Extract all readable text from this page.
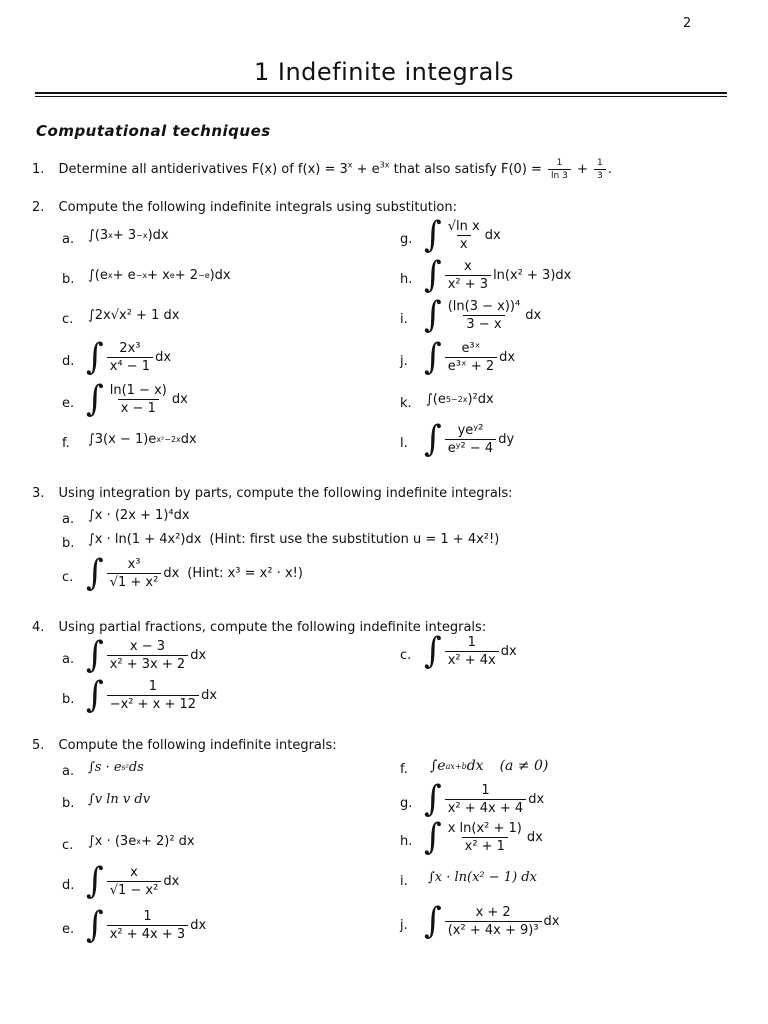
2
1 Indefinite integrals
Computational techniques
1. Determine all antiderivatives F(x) of $f(x) = 3^x + e^{3x}$ that also satisfy $F(0) = \frac{1}{\ln 3} + \frac{1}{3}$ .
2. Compute the following indefinite integrals using substitution:
a. ∫(3 x + 3 −x )dx
b. ∫(e x + e −x + x e + 2 −e )dx
c. ∫2x√x² + 1 dx
d. ∫ $\frac{\text{2x³}}{\text{x⁴ − 1}}$ dx
e. ∫ $\frac{\ln(1 - x)}{x - 1}$ dx
f. ∫3(x − 1)e x²−2x dx
g. ∫ $\frac{\text{√ln x}}{x}$ dx
h. ∫ $\frac{x}{\text{x² + 3}} \ln(x^2 + 3)dx$
i. ∫ $\frac{\text{(ln(3 − x))⁴}}{3 - x}$ dx
j. ∫ $\frac{\text{e³ˣ}}{\text{e³ˣ + 2}}$ dx
k. ∫(e 5−2x )²dx
l. ∫ $\frac{\text{yeʸ²}}{\text{eʸ² − 4}}$ dy
3. Using integration by parts, compute the following indefinite integrals:
a. ∫x · (2x + 1)⁴dx
b. ∫x · ln(1 + 4x²)dx (Hint: first use the substitution u = 1 + 4x²!)
c. ∫ $\frac{\text{x³}}{\text{√1 + x²}}$ dx (Hint: x³ = x² · x!)
4. Using partial fractions, compute the following indefinite integrals:
a. ∫ $\frac{x - 3}{\text{x² + 3x + 2}}$ dx
b. ∫ $\frac{1}{\text{−x² + x + 12}}$ dx
c. ∫ $\frac{1}{\text{x² + 4x}}$ dx
5. Compute the following indefinite integrals:
a. ∫s · e s² ds
b. ∫v ln v dv
c. ∫x · (3e x + 2)² dx
d. ∫ $\frac{x}{\text{√1 − x²}}$ dx
e. ∫ $\frac{1}{\text{x² + 4x + 3}}$ dx
f. ∫e ax+b dx (a ≠ 0)
g. ∫ $\frac{1}{\text{x² + 4x + 4}}$ dx
h. ∫ $\frac{\text{x ln(x² + 1)}}{\text{x² + 1}}$ dx
i. ∫x · ln(x² − 1) dx
j. ∫ $\frac{x + 2}{\text{(x² + 4x + 9)³}}$ dx
